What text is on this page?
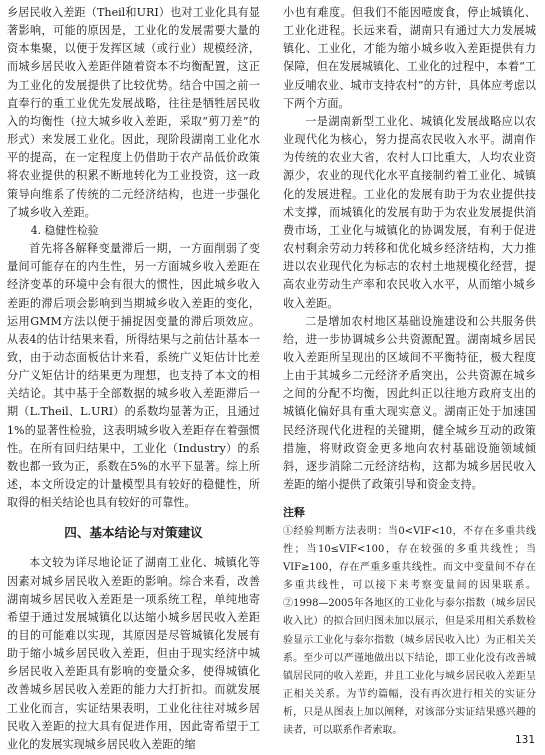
乡居民收入差距（Theil和URI）也对工业化具有显著影响，可能的原因是，工业化的发展需要大量的资本集聚，以便于发挥区域（或行业）规模经济，而城乡居民收入差距伴随着资本不均衡配置，这正为工业化的发展提供了比较优势。结合中国之前一直奉行的重工业优先发展战略，往往是牺牲居民收入的均衡性（拉大城乡收入差距，采取“剪刀差”的形式）来发展工业化。因此，现阶段湖南工业化水平的提高，在一定程度上仍借助于农产品低价政策将农业提供的积累不断地转化为工业投资，这一政策导向维系了传统的二元经济结构，也进一步强化了城乡收入差距。

4. 稳健性检验

首先将各解释变量滞后一期，一方面削弱了变量间可能存在的内生性，另一方面城乡收入差距在经济变革的环境中会有很大的惯性，因此城乡收入差距的滞后项会影响到当期城乡收入差距的变化，运用GMM方法以便于捕捉因变量的滞后项效应。从表4的估计结果来看，所得结果与之前估计基本一致，由于动态面板估计来看，系统广义矩估计比差分广义矩估计的结果更为理想，也支持了本文的相关结论。其中基于全部数据的城乡收入差距滞后一期（L.Theil、L.URI）的系数均显著为正，且通过1%的显著性检验，这表明城乡收入差距存在着强惯性。在所有回归结果中，工业化（Industry）的系数也都一致为正，系数在5%的水平下显著。综上所述，本文所设定的计量模型具有较好的稳健性，所取得的相关结论也具有较好的可靠性。

四、基本结论与对策建议

本文较为详尽地论证了湖南工业化、城镇化等因素对城乡居民收入差距的影响。综合来看，改善湖南城乡居民收入差距是一项系统工程，单纯地寄希望于通过发展城镇化以达缩小城乡居民收入差距的目的可能难以实现，其原因是尽管城镇化发展有助于缩小城乡居民收入差距，但由于现实经济中城乡居民收入差距具有影响的变量众多，使得城镇化改善城乡居民收入差距的能力大打折扣。而就发展工业化而言，实证结果表明，工业化往往对城乡居民收入差距的拉大具有促进作用，因此寄希望于工业化的发展实现城乡居民收入差距的缩

小也有难度。但我们不能因噎废食，停止城镇化、工业化进程。长远来看，湖南只有通过大力发展城镇化、工业化，才能为缩小城乡收入差距提供有力保障，但在发展城镇化、工业化的过程中，本着“工业反哺农业、城市支持农村”的方针，具体应考虑以下两个方面。

一是湖南新型工业化、城镇化发展战略应以农业现代化为核心，努力提高农民收入水平。湖南作为传统的农业大省，农村人口比重大，人均农业资源少，农业的现代化水平直接制约着工业化、城镇化的发展进程。工业化的发展有助于为农业提供技术支撑，而城镇化的发展有助于为农业发展提供消费市场，工业化与城镇化的协调发展，有利于促进农村剩余劳动力转移和优化城乡经济结构，大力推进以农业现代化为标志的农村土地规模化经营，提高农业劳动生产率和农民收入水平，从而缩小城乡收入差距。

二是增加农村地区基础设施建设和公共服务供给，进一步协调城乡公共资源配置。湖南城乡居民收入差距所呈现出的区域间不平衡特征，极大程度上由于其城乡二元经济矛盾突出，公共资源在城乡之间的分配不均衡，因此纠正以往地方政府支出的城镇化偏好具有重大现实意义。湖南正处于加速国民经济现代化进程的关键期，健全城乡互动的政策措施，将财政资金更多地向农村基础设施领域倾斜，逐步消除二元经济结构，这都为城乡居民收入差距的缩小提供了政策引导和资金支持。

注释

①经验判断方法表明：当0<VIF<10，不存在多重共线性；当10≤VIF<100，存在较强的多重共线性；当VIF≥100，存在严重多重共线性。而文中变量间不存在多重共线性，可以接下来考察变量间的因果联系。②1998—2005年各地区的工业化与泰尔指数（城乡居民收入比）的拟合回归图未加以展示，但是采用相关系数检验显示工业化与泰尔指数（城乡居民收入比）为正相关关系。至少可以严谨地做出以下结论，即工业化没有改善城镇居民同的收入差距，并且工业化与城乡居民收入差距呈正相关关系。为节约篇幅，没有再次进行相关的实证分析，只是从图表上加以阐释，对该部分实证结果感兴趣的读者，可以联系作者索取。

131
